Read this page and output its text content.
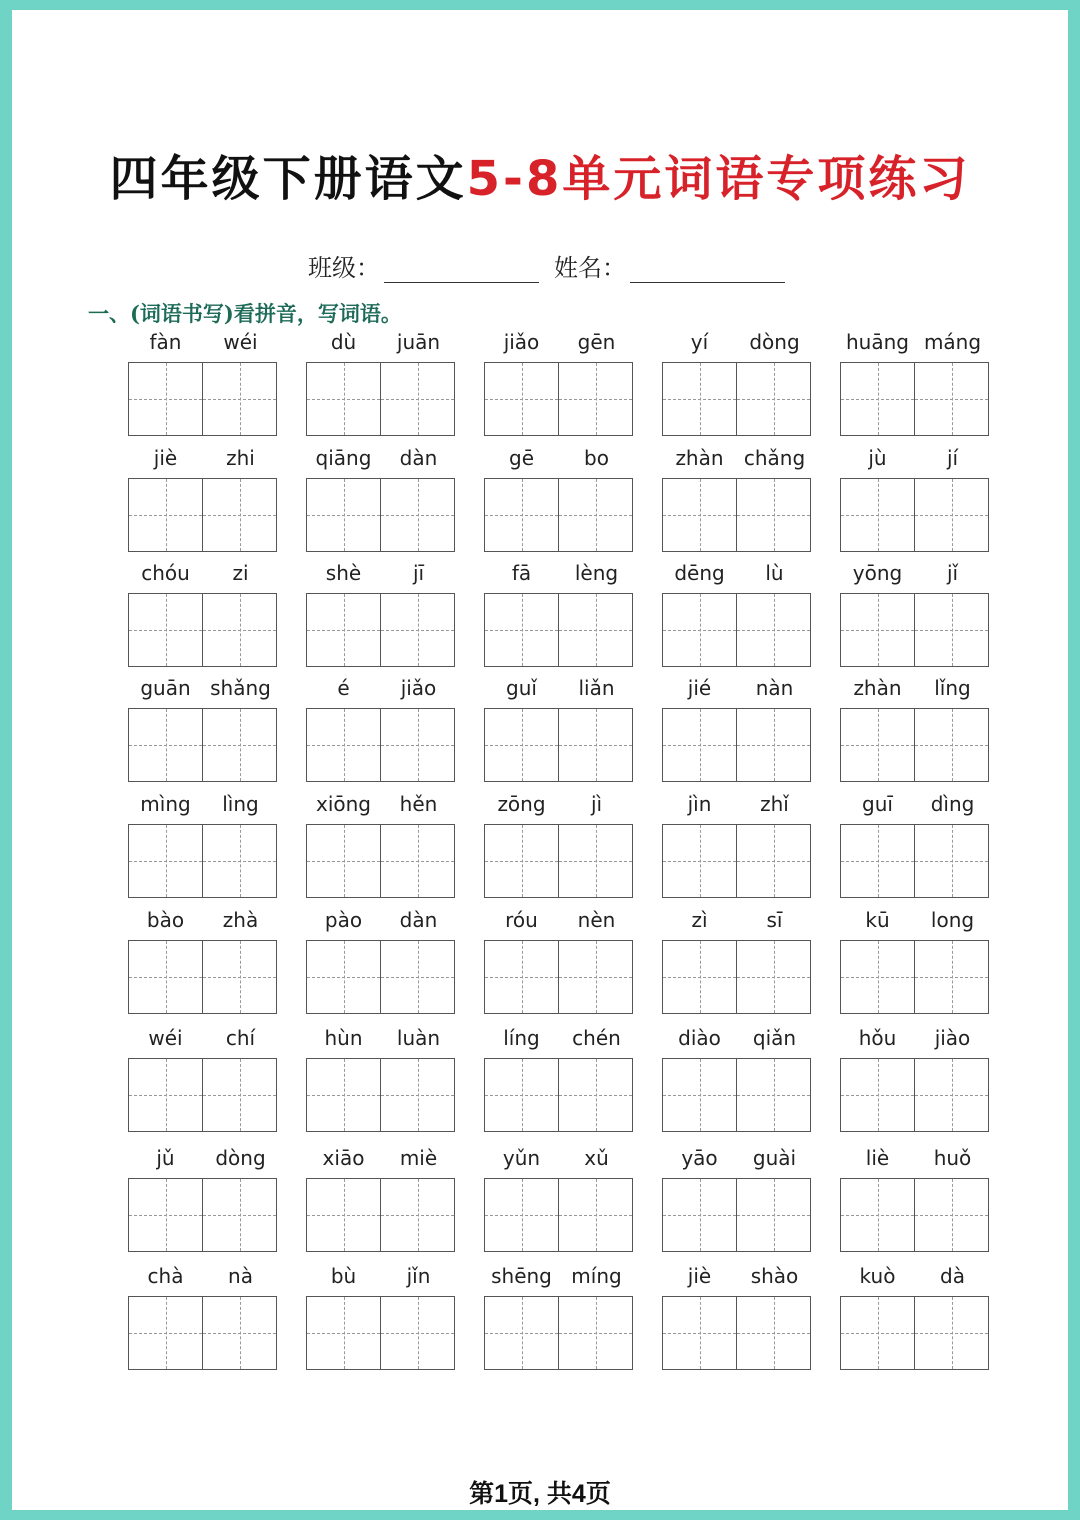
四年级下册语文5-8单元词语专项练习
班级：	姓名：
一、(词语书写)看拼音，写词语。
fàn	wéi	dù	juān	jiǎo	gēn	yí	dòng	huāng máng
jiè	zhi	qiāng	dàn	gē	bo	zhàn	chǎng	jù	jí
chóu	zi	shè	jī	fā	lèng	dēng	lù	yōng	jǐ
guān shǎng	é	jiǎo	guǐ	liǎn	jié	nàn	zhàn	lǐng
mìng	lìng	xiōng	hěn	zōng	jì	jìn	zhǐ	guī	dìng
bào	zhà	pào	dàn	róu	nèn	zì	sī	kū	long
wéi	chí	hùn	luàn	líng	chén	diào	qiǎn	hǒu	jiào
jǔ	dòng	xiāo	miè	yǔn	xǔ	yāo	guài	liè	huǒ
chà	nà	bù	jǐn	shēng míng	jiè	shào	kuò	dà
第1页, 共4页
